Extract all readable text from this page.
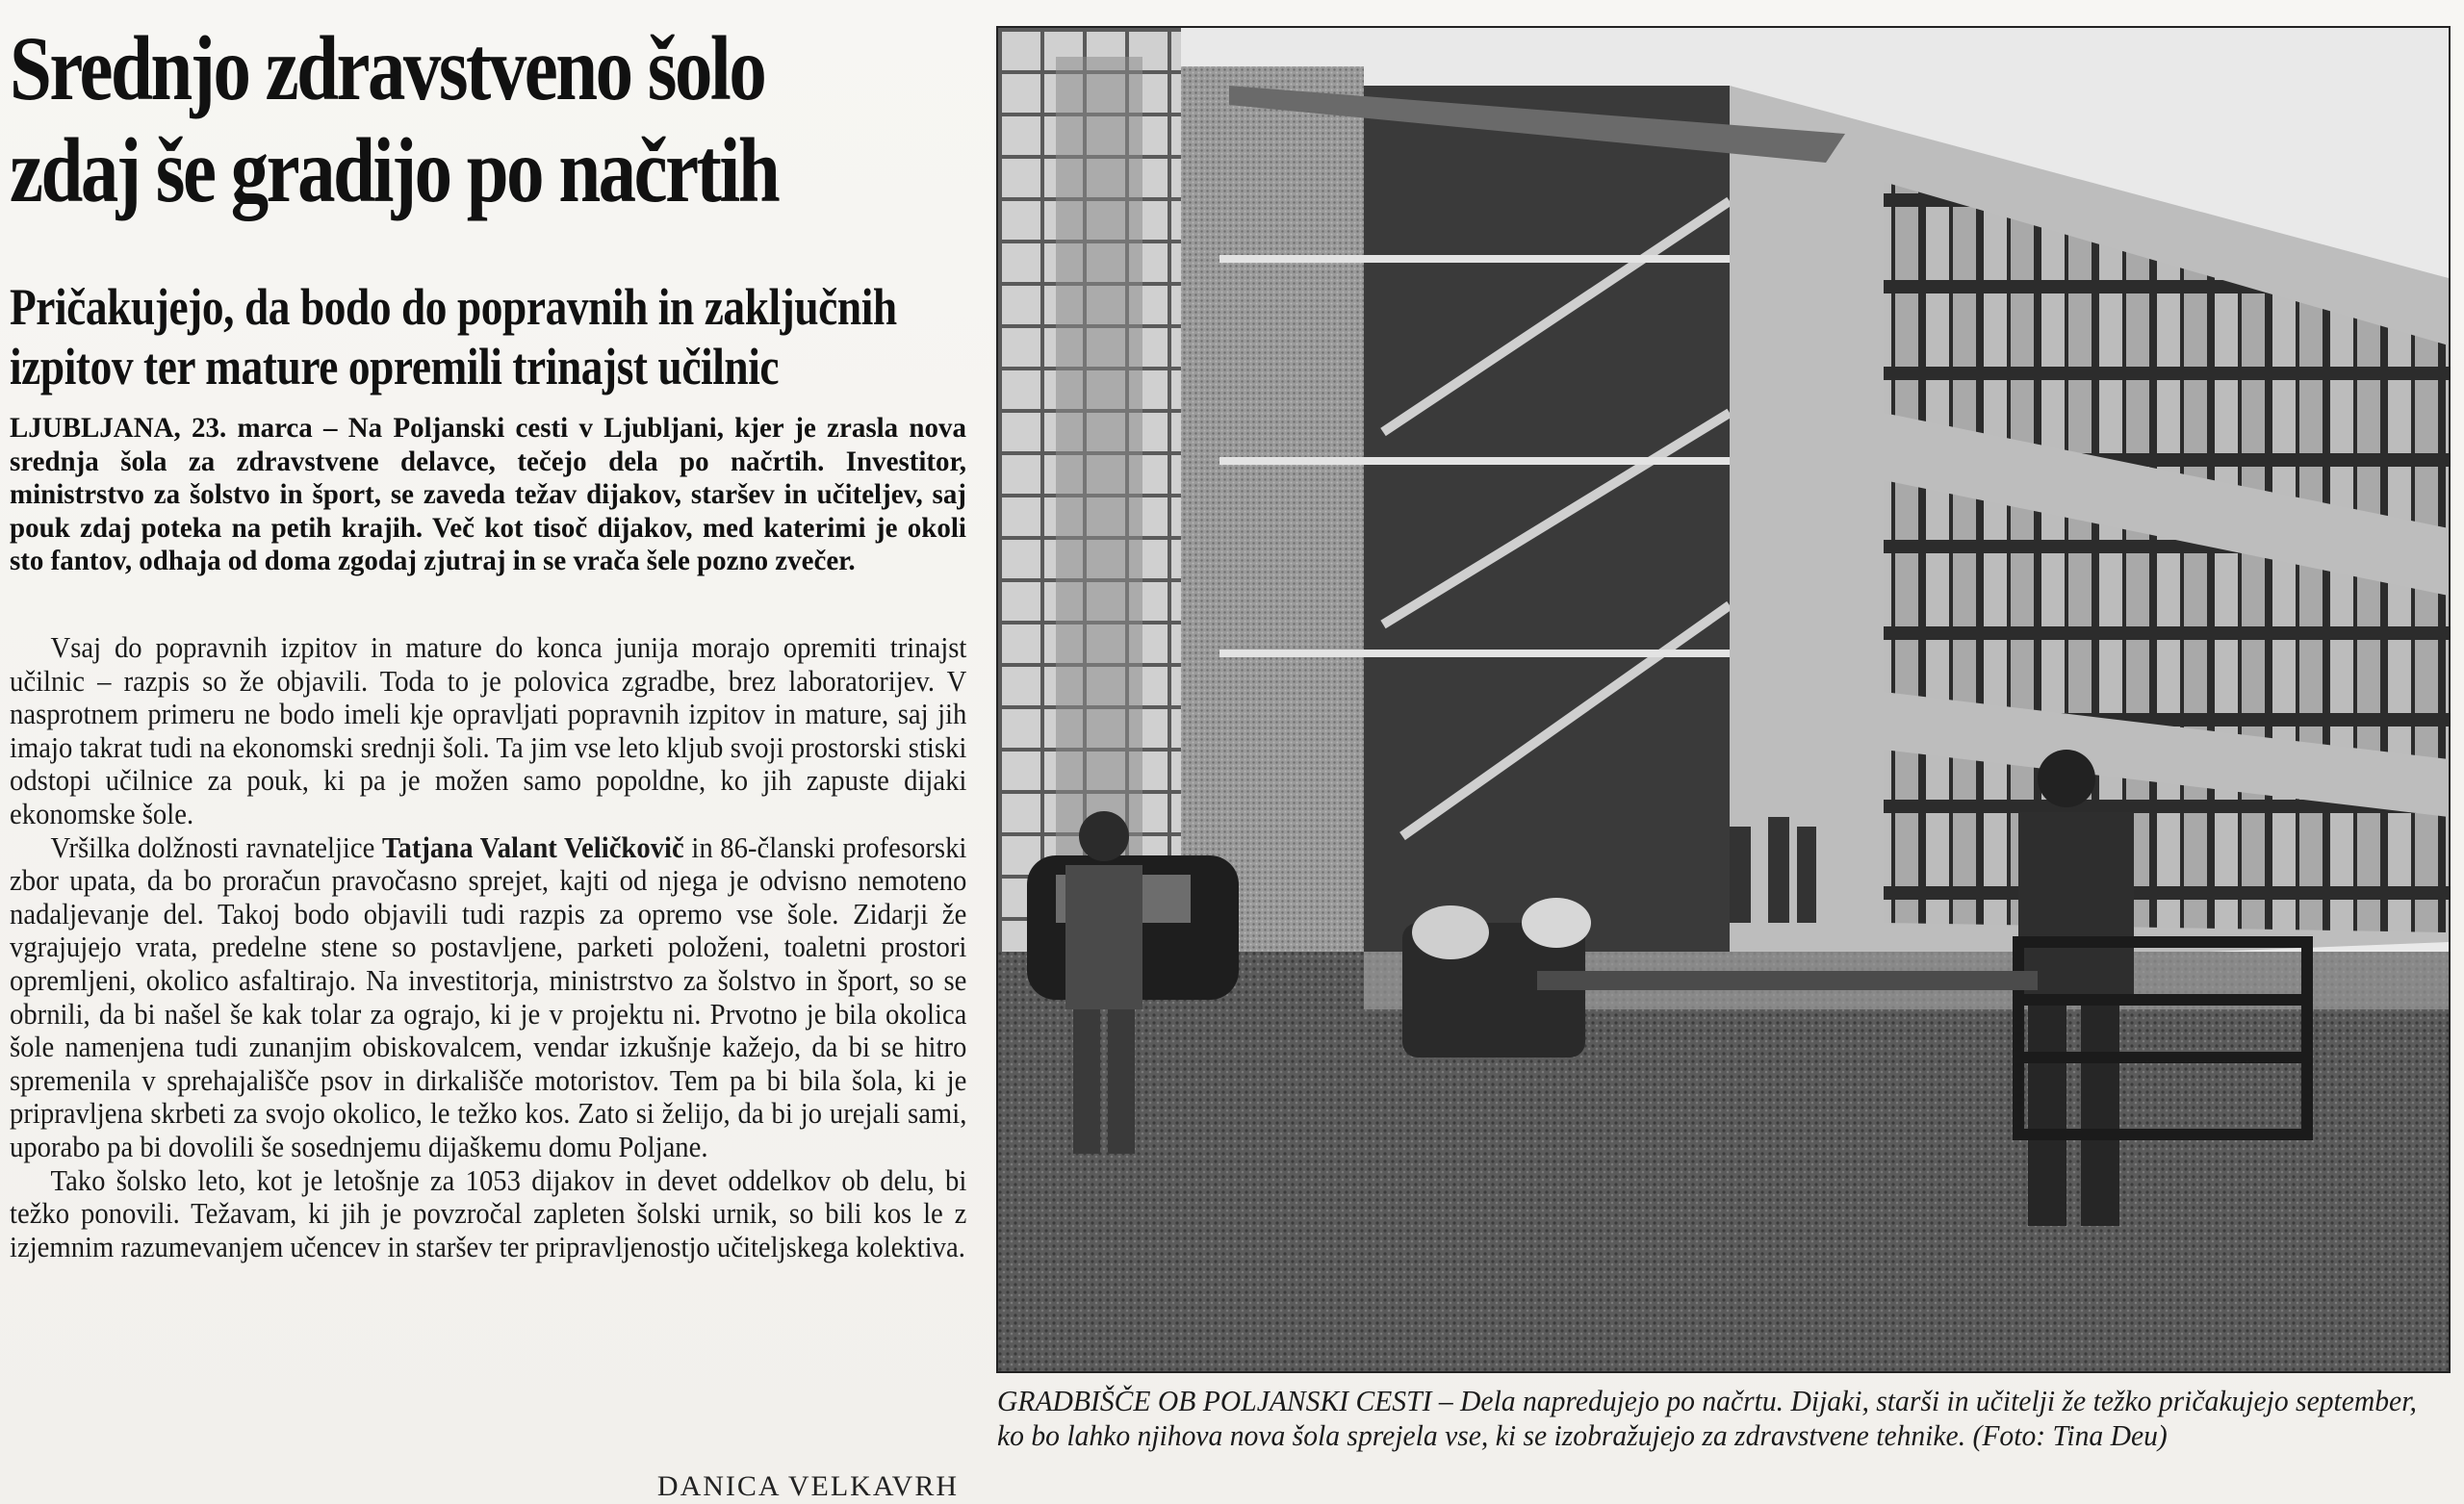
Srednjo zdravstveno šolo
zdaj še gradijo po načrtih
Pričakujejo, da bodo do popravnih in zaključnih izpitov ter mature opremili trinajst učilnic

LJUBLJANA, 23. marca – Na Poljanski cesti v Ljubljani, kjer je zrasla nova srednja šola za zdravstvene delavce, tečejo dela po načrtih. Investitor, ministrstvo za šolstvo in šport, se zaveda težav dijakov, staršev in učiteljev, saj pouk zdaj poteka na petih krajih. Več kot tisoč dijakov, med katerimi je okoli sto fantov, odhaja od doma zgodaj zjutraj in se vrača šele pozno zvečer.

Vsaj do popravnih izpitov in mature do konca junija morajo opremiti trinajst učilnic – razpis so že objavili. Toda to je polovica zgradbe, brez laboratorijev. V nasprotnem primeru ne bodo imeli kje opravljati popravnih izpitov in mature, saj jih imajo takrat tudi na ekonomski srednji šoli. Ta jim vse leto kljub svoji prostorski stiski odstopi učilnice za pouk, ki pa je možen samo popoldne, ko jih zapuste dijaki ekonomske šole.

Vršilka dolžnosti ravnateljice Tatjana Valant Veličkovič in 86-članski profesorski zbor upata, da bo proračun pravočasno sprejet, kajti od njega je odvisno nemoteno nadaljevanje del. Takoj bodo objavili tudi razpis za opremo vse šole. Zidarji že vgrajujejo vrata, predelne stene so postavljene, parketi položeni, toaletni prostori opremljeni, okolico asfaltirajo. Na investitorja, ministrstvo za šolstvo in šport, so se obrnili, da bi našel še kak tolar za ograjo, ki je v projektu ni. Prvotno je bila okolica šole namenjena tudi zunanjim obiskovalcem, vendar izkušnje kažejo, da bi se hitro spremenila v sprehajališče psov in dirkališče motoristov. Tem pa bi bila šola, ki je pripravljena skrbeti za svojo okolico, le težko kos. Zato si želijo, da bi jo urejali sami, uporabo pa bi dovolili še sosednjemu dijaškemu domu Poljane.

Tako šolsko leto, kot je letošnje za 1053 dijakov in devet oddelkov ob delu, bi težko ponovili. Težavam, ki jih je povzročal zapleten šolski urnik, so bili kos le z izjemnim razumevanjem učencev in staršev ter pripravljenostjo učiteljskega kolektiva.

DANICA VELKAVRH

GRADBIŠČE OB POLJANSKI CESTI – Dela napredujejo po načrtu. Dijaki, starši in učitelji že težko pričakujejo september, ko bo lahko njihova nova šola sprejela vse, ki se izobražujejo za zdravstvene tehnike. (Foto: Tina Deu)
